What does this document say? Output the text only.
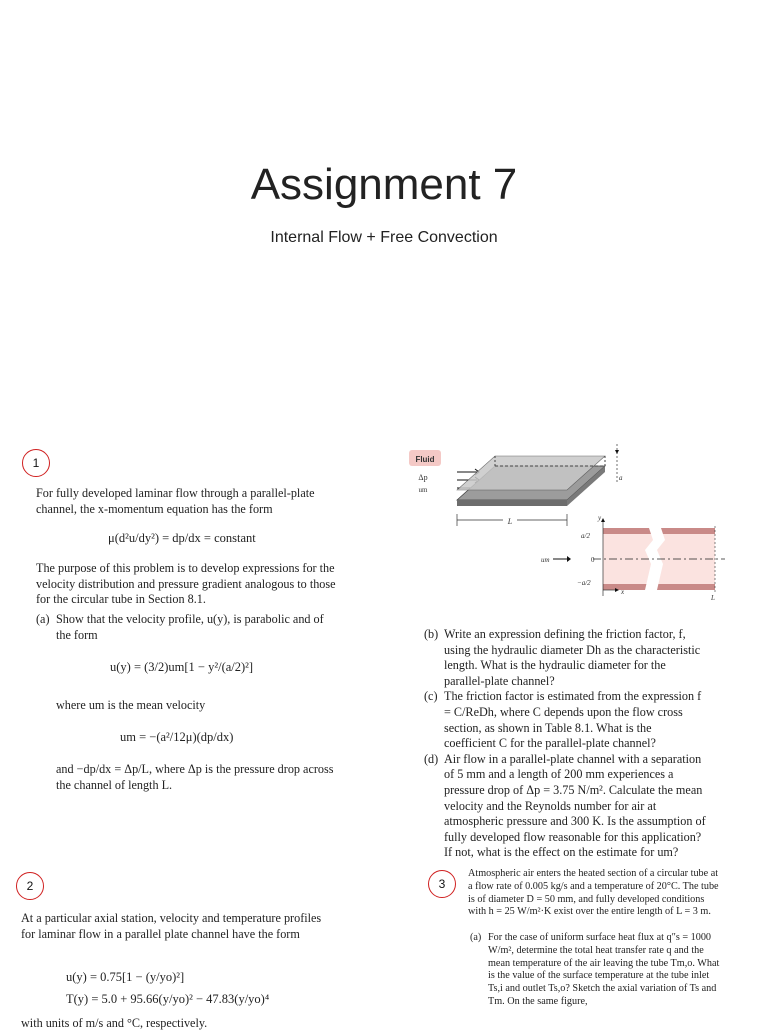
Assignment 7
Internal Flow + Free Convection
1
For fully developed laminar flow through a parallel-plate channel, the x-momentum equation has the form
μ(d²u/dy²) = dp/dx = constant
The purpose of this problem is to develop expressions for the velocity distribution and pressure gradient analogous to those for the circular tube in Section 8.1.
(a) Show that the velocity profile, u(y), is parabolic and of the form
u(y) = (3/2)um[1 − y²/(a/2)²]
where um is the mean velocity
um = −(a²/12μ)(dp/dx)
and −dp/dx = Δp/L, where Δp is the pressure drop across the channel of length L.
Fluid
Δp
um
a
L	y
a/2
0
−a/2
um
x
L
(b) Write an expression defining the friction factor, f, using the hydraulic diameter Dh as the characteristic length. What is the hydraulic diameter for the parallel-plate channel?
(c) The friction factor is estimated from the expression f = C/ReDh, where C depends upon the flow cross section, as shown in Table 8.1. What is the coefficient C for the parallel-plate channel?
(d) Air flow in a parallel-plate channel with a separation of 5 mm and a length of 200 mm experiences a pressure drop of Δp = 3.75 N/m². Calculate the mean velocity and the Reynolds number for air at atmospheric pressure and 300 K. Is the assumption of fully developed flow reasonable for this application? If not, what is the effect on the estimate for um?
2
At a particular axial station, velocity and temperature profiles for laminar flow in a parallel plate channel have the form
u(y) = 0.75[1 − (y/yo)²]
T(y) = 5.0 + 95.66(y/yo)² − 47.83(y/yo)⁴
with units of m/s and °C, respectively.
3
Atmospheric air enters the heated section of a circular tube at a flow rate of 0.005 kg/s and a temperature of 20°C. The tube is of diameter D = 50 mm, and fully developed conditions with h = 25 W/m²·K exist over the entire length of L = 3 m.
(a) For the case of uniform surface heat flux at q″s = 1000 W/m², determine the total heat transfer rate q and the mean temperature of the air leaving the tube Tm,o. What is the value of the surface temperature at the tube inlet Ts,i and outlet Ts,o? Sketch the axial variation of Ts and Tm. On the same figure,
